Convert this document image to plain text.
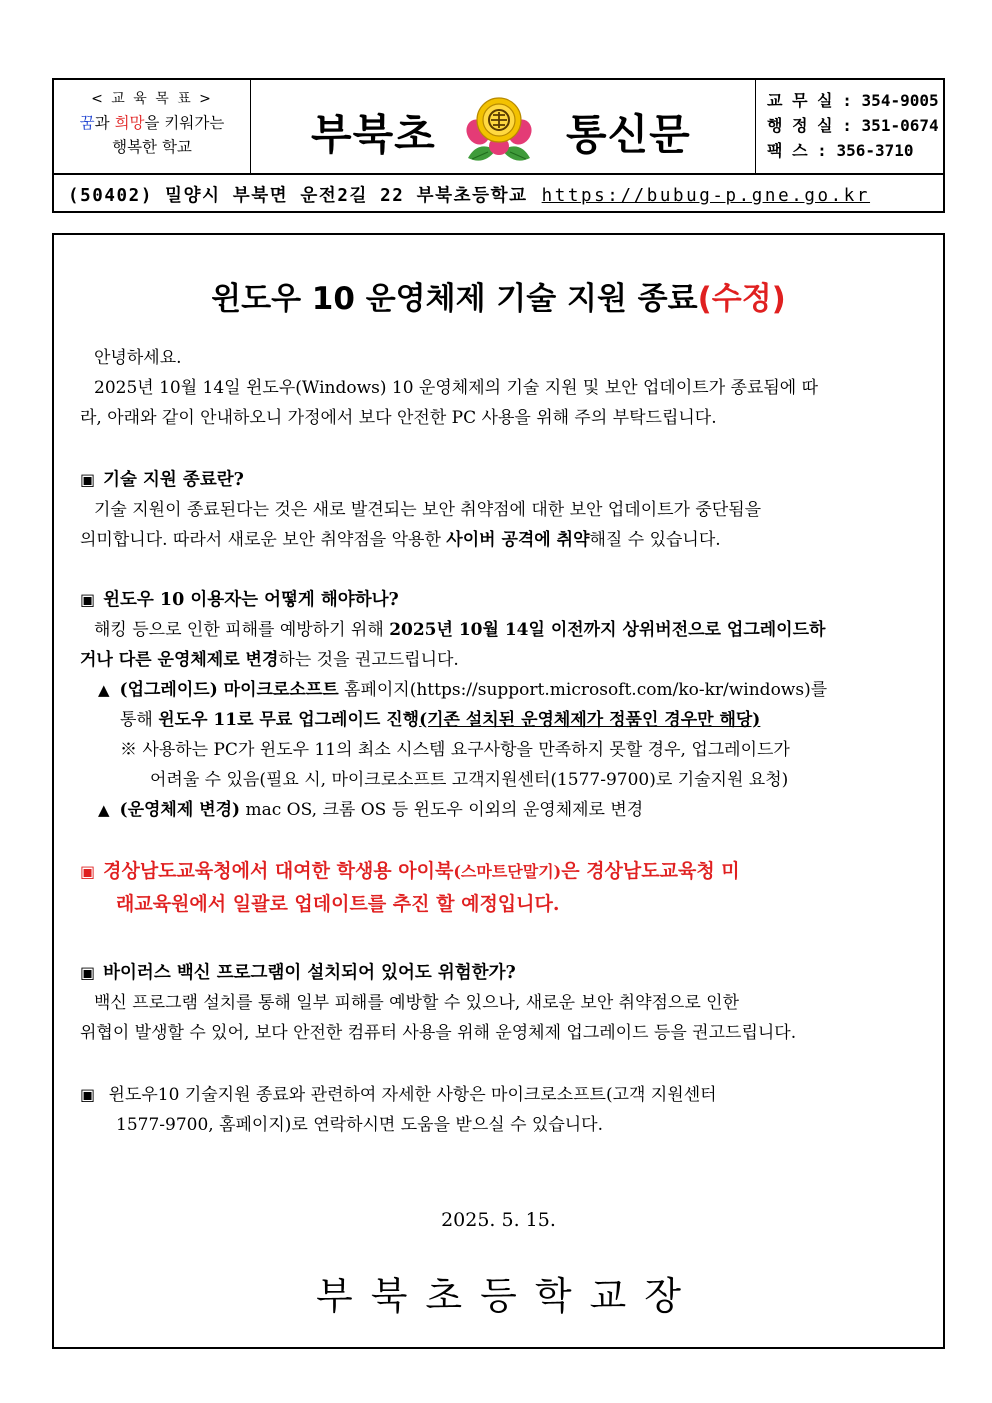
< 교 육 목 표 >
꿈과 희망을 키워가는
행복한 학교	부북초	통신문
교 무 실 : 354-9005
행 정 실 : 351-0674
팩 스 : 356-3710
(50402) 밀양시 부북면 운전2길 22 부북초등학교 https://bubug-p.gne.go.kr
윈도우 10 운영체제 기술 지원 종료(수정)
안녕하세요.
2025년 10월 14일 윈도우(Windows) 10 운영체제의 기술 지원 및 보안 업데이트가 종료됨에 따
라, 아래와 같이 안내하오니 가정에서 보다 안전한 PC 사용을 위해 주의 부탁드립니다.
▣ 기술 지원 종료란?
기술 지원이 종료된다는 것은 새로 발견되는 보안 취약점에 대한 보안 업데이트가 중단됨을
의미합니다. 따라서 새로운 보안 취약점을 악용한 사이버 공격에 취약해질 수 있습니다.
▣ 윈도우 10 이용자는 어떻게 해야하나?
해킹 등으로 인한 피해를 예방하기 위해 2025년 10월 14일 이전까지 상위버전으로 업그레이드하
거나 다른 운영체제로 변경하는 것을 권고드립니다.
▲ (업그레이드) 마이크로소프트 홈페이지(https://support.microsoft.com/ko-kr/windows)를
통해 윈도우 11로 무료 업그레이드 진행(기존 설치된 운영체제가 정품인 경우만 해당)
※ 사용하는 PC가 윈도우 11의 최소 시스템 요구사항을 만족하지 못할 경우, 업그레이드가
어려울 수 있음(필요 시, 마이크로소프트 고객지원센터(1577-9700)로 기술지원 요청)
▲ (운영체제 변경) mac OS, 크롬 OS 등 윈도우 이외의 운영체제로 변경
▣ 경상남도교육청에서 대여한 학생용 아이북(스마트단말기)은 경상남도교육청 미
래교육원에서 일괄로 업데이트를 추진 할 예정입니다.
▣ 바이러스 백신 프로그램이 설치되어 있어도 위험한가?
백신 프로그램 설치를 통해 일부 피해를 예방할 수 있으나, 새로운 보안 취약점으로 인한
위협이 발생할 수 있어, 보다 안전한 컴퓨터 사용을 위해 운영체제 업그레이드 등을 권고드립니다.
▣ 윈도우10 기술지원 종료와 관련하여 자세한 사항은 마이크로소프트(고객 지원센터
1577-9700, 홈페이지)로 연락하시면 도움을 받으실 수 있습니다.
2025. 5. 15.
부북초등학교장
